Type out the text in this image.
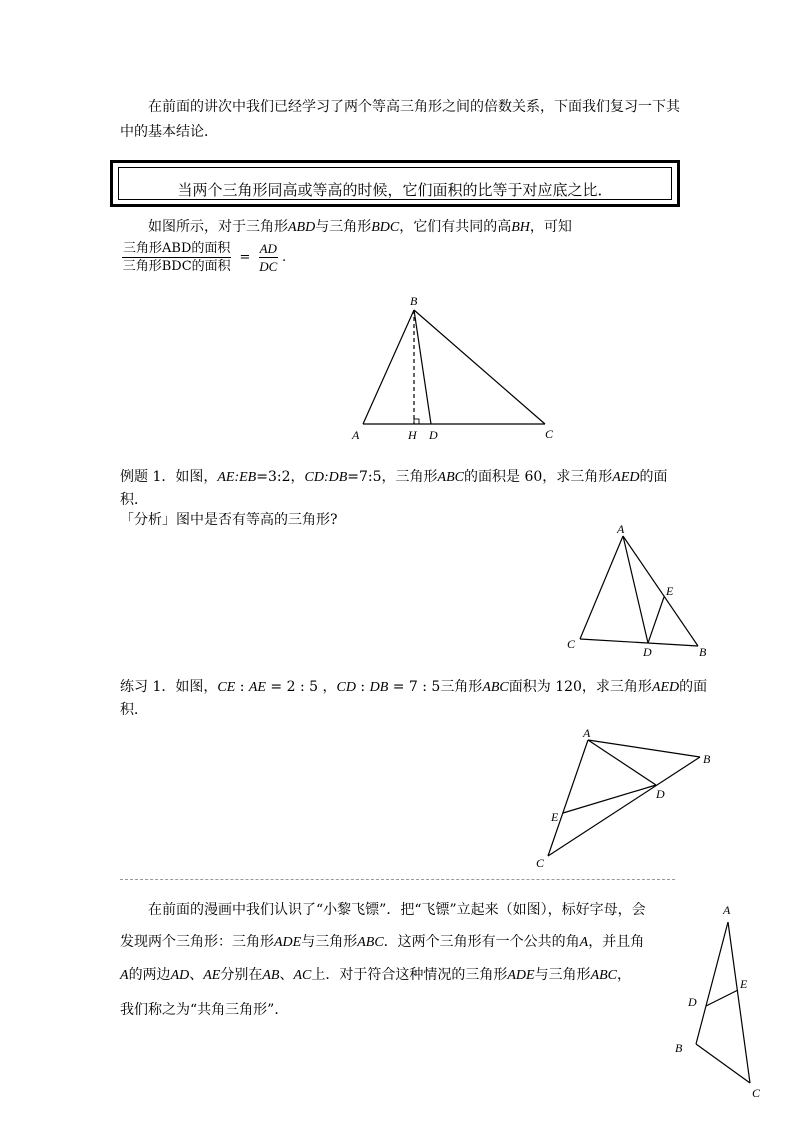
在前面的讲次中我们已经学习了两个等高三角形之间的倍数关系，下面我们复习一下其
中的基本结论．
当两个三角形同高或等高的时候，它们面积的比等于对应底之比．
如图所示，对于三角形ABD与三角形BDC，它们有共同的高BH，可知
$\frac{\text{三角形ABD的面积}}{\text{三角形BDC的面积}} = \frac{AD}{DC}$ .
B
A	H D	C
例题 1．如图，AE:EB=3:2，CD:DB=7:5，三角形ABC的面积是 60，求三角形AED的面
积．
「分析」图中是否有等高的三角形?
A
E
C
D	B
练习 1．如图，CE : AE = 2 : 5 ，CD : DB = 7 : 5三角形ABC面积为 120，求三角形AED的面
积．
A
B
D
E
C
在前面的漫画中我们认识了“小黎飞镖”．把“飞镖”立起来（如图），标好字母，会
发现两个三角形：三角形ADE与三角形ABC．这两个三角形有一个公共的角A，并且角
A的两边AD、AE分别在AB、AC上．对于符合这种情况的三角形ADE与三角形ABC，
我们称之为“共角三角形”．
A
E
D
B
C
